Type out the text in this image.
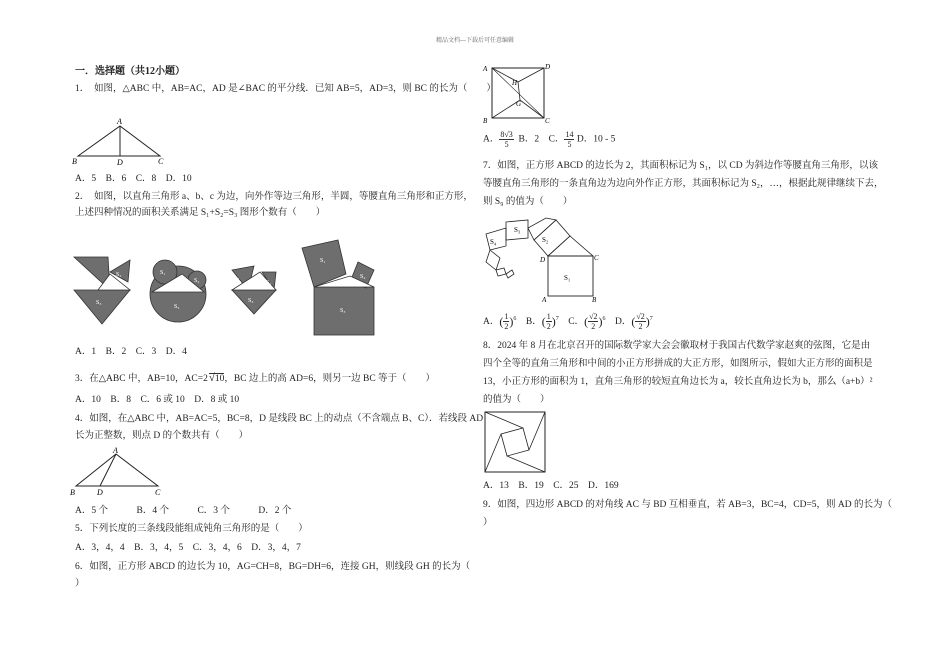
精品文档---下载后可任意编辑
一．选择题（共12小题）
1．　如图，△ABC 中，AB=AC，AD 是∠BAC 的平分线．已知 AB=5，AD=3，则 BC 的长为（　　）
A
B	D	C
A．5　B．6　C．8　D．10
2．　如图，以直角三角形 a、b、c 为边，向外作等边三角形，半圆，等腰直角三角形和正方形，
上述四种情况的面积关系满足 S₁+S₂=S₃ 图形个数有（　　）
S₁	S₂
S₃
S₁
S₂
S₃
S₁	S₂
S₃
S₁
S₂
S₃
A．1　B．2　C．3　D．4
3．在△ABC 中，AB=10，AC=2√10，BC 边上的高 AD=6，则另一边 BC 等于（　　）
A．10　B．8　C．6 或 10　D．8 或 10
4．如图，在△ABC 中，AB=AC=5，BC=8，D 是线段 BC 上的动点（不含端点 B、C）．若线段 AD
长为正整数，则点 D 的个数共有（　　）
A
B	D	C
A．5 个　　　B．4 个　　　C．3 个　　　D．2 个
5．下列长度的三条线段能组成钝角三角形的是（　　）
A．3，4，4　B．3，4，5　C．3，4，6　D．3，4，7
6．如图，正方形 ABCD 的边长为 10，AG=CH=8，BG=DH=6，连接 GH，则线段 GH 的长为（
）
A	D
B	C
H
G
A． $\frac{8√3}{5}$ B．2　C． $\frac{14}{5}$ D．10 - 5
7．如图，正方形 ABCD 的边长为 2，其面积标记为 S₁，以 CD 为斜边作等腰直角三角形，以该
等腰直角三角形的一条直角边为边向外作正方形，其面积标记为 S₂，…，根据此规律继续下去，
则 S₉ 的值为（　　）
S₁
S₂
S₃
S₄
D	C
A	B
A．( $\frac{1}{2} )^6$ B．( $\frac{1}{2} )^7$ C．( $\frac{√2}{2} )^6$ D．( $\frac{√2}{2} )^7$
8．2024 年 8 月在北京召开的国际数学家大会会徽取材于我国古代数学家赵爽的弦图，它是由
四个全等的直角三角形和中间的小正方形拼成的大正方形，如图所示，假如大正方形的面积是
13，小正方形的面积为 1，直角三角形的较短直角边长为 a，较长直角边长为 b，那么（a+b）²
的值为（　　）
A．13　B．19　C．25　D．169
9．如图，四边形 ABCD 的对角线 AC 与 BD 互相垂直，若 AB=3，BC=4，CD=5，则 AD 的长为（
）
